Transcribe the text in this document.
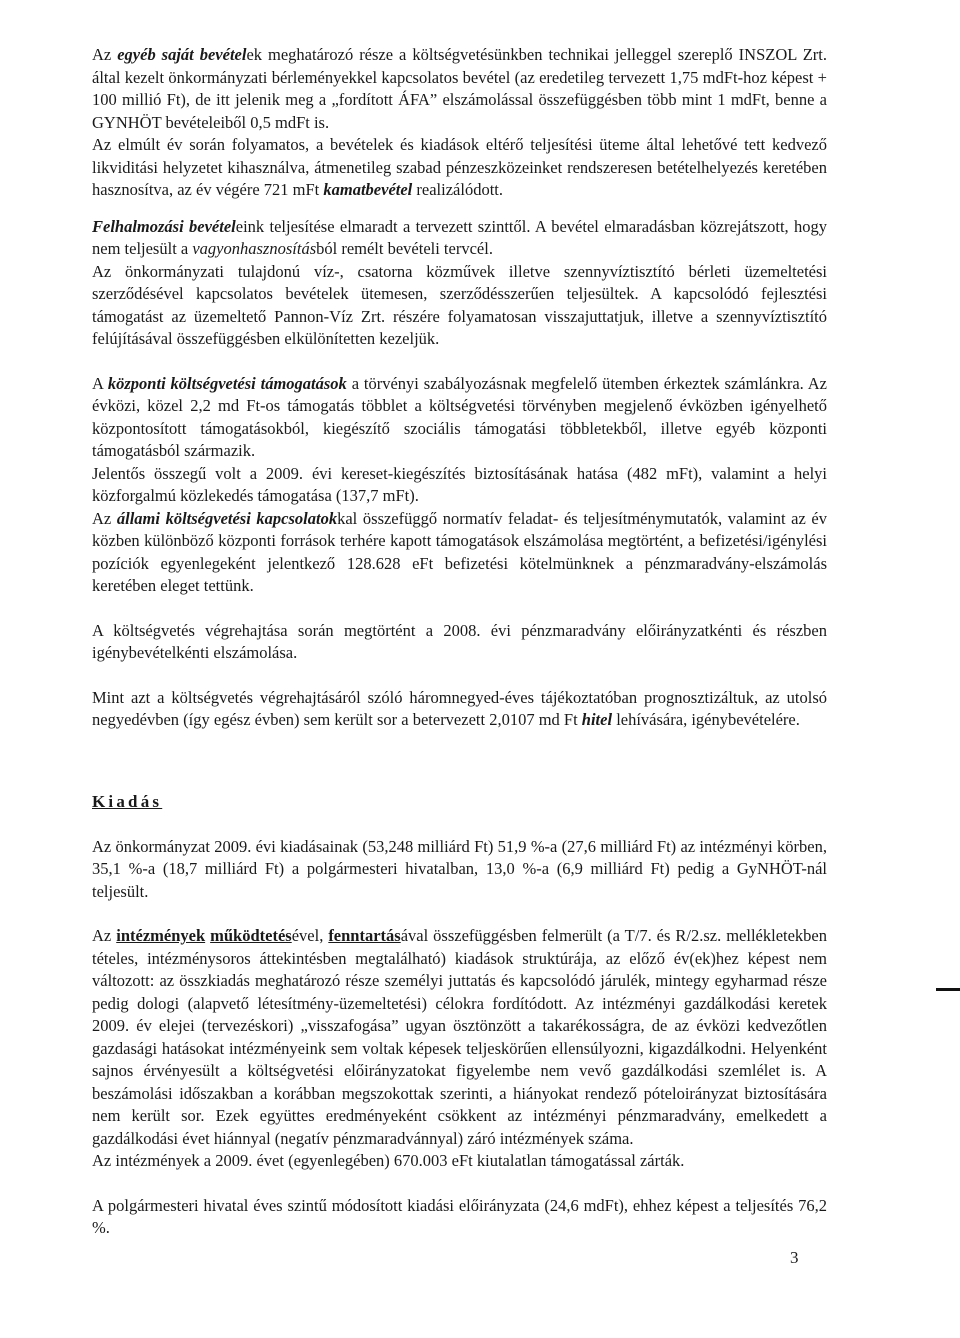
Az egyéb saját bevételek meghatározó része a költségvetésünkben technikai jelleggel szereplő INSZOL Zrt. által kezelt önkormányzati bérleményekkel kapcsolatos bevétel (az eredetileg tervezett 1,75 mdFt-hoz képest + 100 millió Ft), de itt jelenik meg a „fordított ÁFA” elszámolással összefüggésben több mint 1 mdFt, benne a GYNHÖT bevételeiből 0,5 mdFt is.

Az elmúlt év során folyamatos, a bevételek és kiadások eltérő teljesítési üteme által lehetővé tett kedvező likviditási helyzetet kihasználva, átmenetileg szabad pénzeszközeinket rendszeresen betételhelyezés keretében hasznosítva, az év végére 721 mFt kamatbevétel realizálódott.

Felhalmozási bevételeink teljesítése elmaradt a tervezett szinttől. A bevétel elmaradásban közrejátszott, hogy nem teljesült a vagyonhasznosításból remélt bevételi tervcél.

Az önkormányzati tulajdonú víz-, csatorna közművek illetve szennyvíztisztító bérleti üzemeltetési szerződésével kapcsolatos bevételek ütemesen, szerződésszerűen teljesültek. A kapcsolódó fejlesztési támogatást az üzemeltető Pannon-Víz Zrt. részére folyamatosan visszajuttatjuk, illetve a szennyvíztisztító felújításával összefüggésben elkülönítetten kezeljük.

A központi költségvetési támogatások a törvényi szabályozásnak megfelelő ütemben érkeztek számlánkra. Az évközi, közel 2,2 md Ft-os támogatás többlet a költségvetési törvényben megjelenő évközben igényelhető központosított támogatásokból, kiegészítő szociális támogatási többletekből, illetve egyéb központi támogatásból származik.

Jelentős összegű volt a 2009. évi kereset-kiegészítés biztosításának hatása (482 mFt), valamint a helyi közforgalmú közlekedés támogatása (137,7 mFt).

Az állami költségvetési kapcsolatokkal összefüggő normatív feladat- és teljesítménymutatók, valamint az év közben különböző központi források terhére kapott támogatások elszámolása megtörtént, a befizetési/igénylési pozíciók egyenlegeként jelentkező 128.628 eFt befizetési kötelmünknek a pénzmaradvány-elszámolás keretében eleget tettünk.

A költségvetés végrehajtása során megtörtént a 2008. évi pénzmaradvány előirányzatkénti és részben igénybevételkénti elszámolása.

Mint azt a költségvetés végrehajtásáról szóló háromnegyed-éves tájékoztatóban prognosztizáltuk, az utolsó negyedévben (így egész évben) sem került sor a betervezett 2,0107 md Ft hitel lehívására, igénybevételére.

Kiadás

Az önkormányzat 2009. évi kiadásainak (53,248 milliárd Ft) 51,9 %-a (27,6 milliárd Ft) az intézményi körben, 35,1 %-a (18,7 milliárd Ft) a polgármesteri hivatalban, 13,0 %-a (6,9 milliárd Ft) pedig a GyNHÖT-nál teljesült.

Az intézmények működtetésével, fenntartásával összefüggésben felmerült (a T/7. és R/2.sz. mellékletekben tételes, intézménysoros áttekintésben megtalálható) kiadások struktúrája, az előző év(ek)hez képest nem változott: az összkiadás meghatározó része személyi juttatás és kapcsolódó járulék, mintegy egyharmad része pedig dologi (alapvető létesítmény-üzemeltetési) célokra fordítódott. Az intézményi gazdálkodási keretek 2009. év elejei (tervezéskori) „visszafogása” ugyan ösztönzött a takarékosságra, de az évközi kedvezőtlen gazdasági hatásokat intézményeink sem voltak képesek teljeskörűen ellensúlyozni, kigazdálkodni. Helyenként sajnos érvényesült a költségvetési előirányzatokat figyelembe nem vevő gazdálkodási szemlélet is. A beszámolási időszakban a korábban megszokottak szerinti, a hiányokat rendező póteloirányzat biztosítására nem került sor. Ezek együttes eredményeként csökkent az intézményi pénzmaradvány, emelkedett a gazdálkodási évet hiánnyal (negatív pénzmaradvánnyal) záró intézmények száma.

Az intézmények a 2009. évet (egyenlegében) 670.003 eFt kiutalatlan támogatással zárták.

A polgármesteri hivatal éves szintű módosított kiadási előirányzata (24,6 mdFt), ehhez képest a teljesítés 76,2 %.

3
